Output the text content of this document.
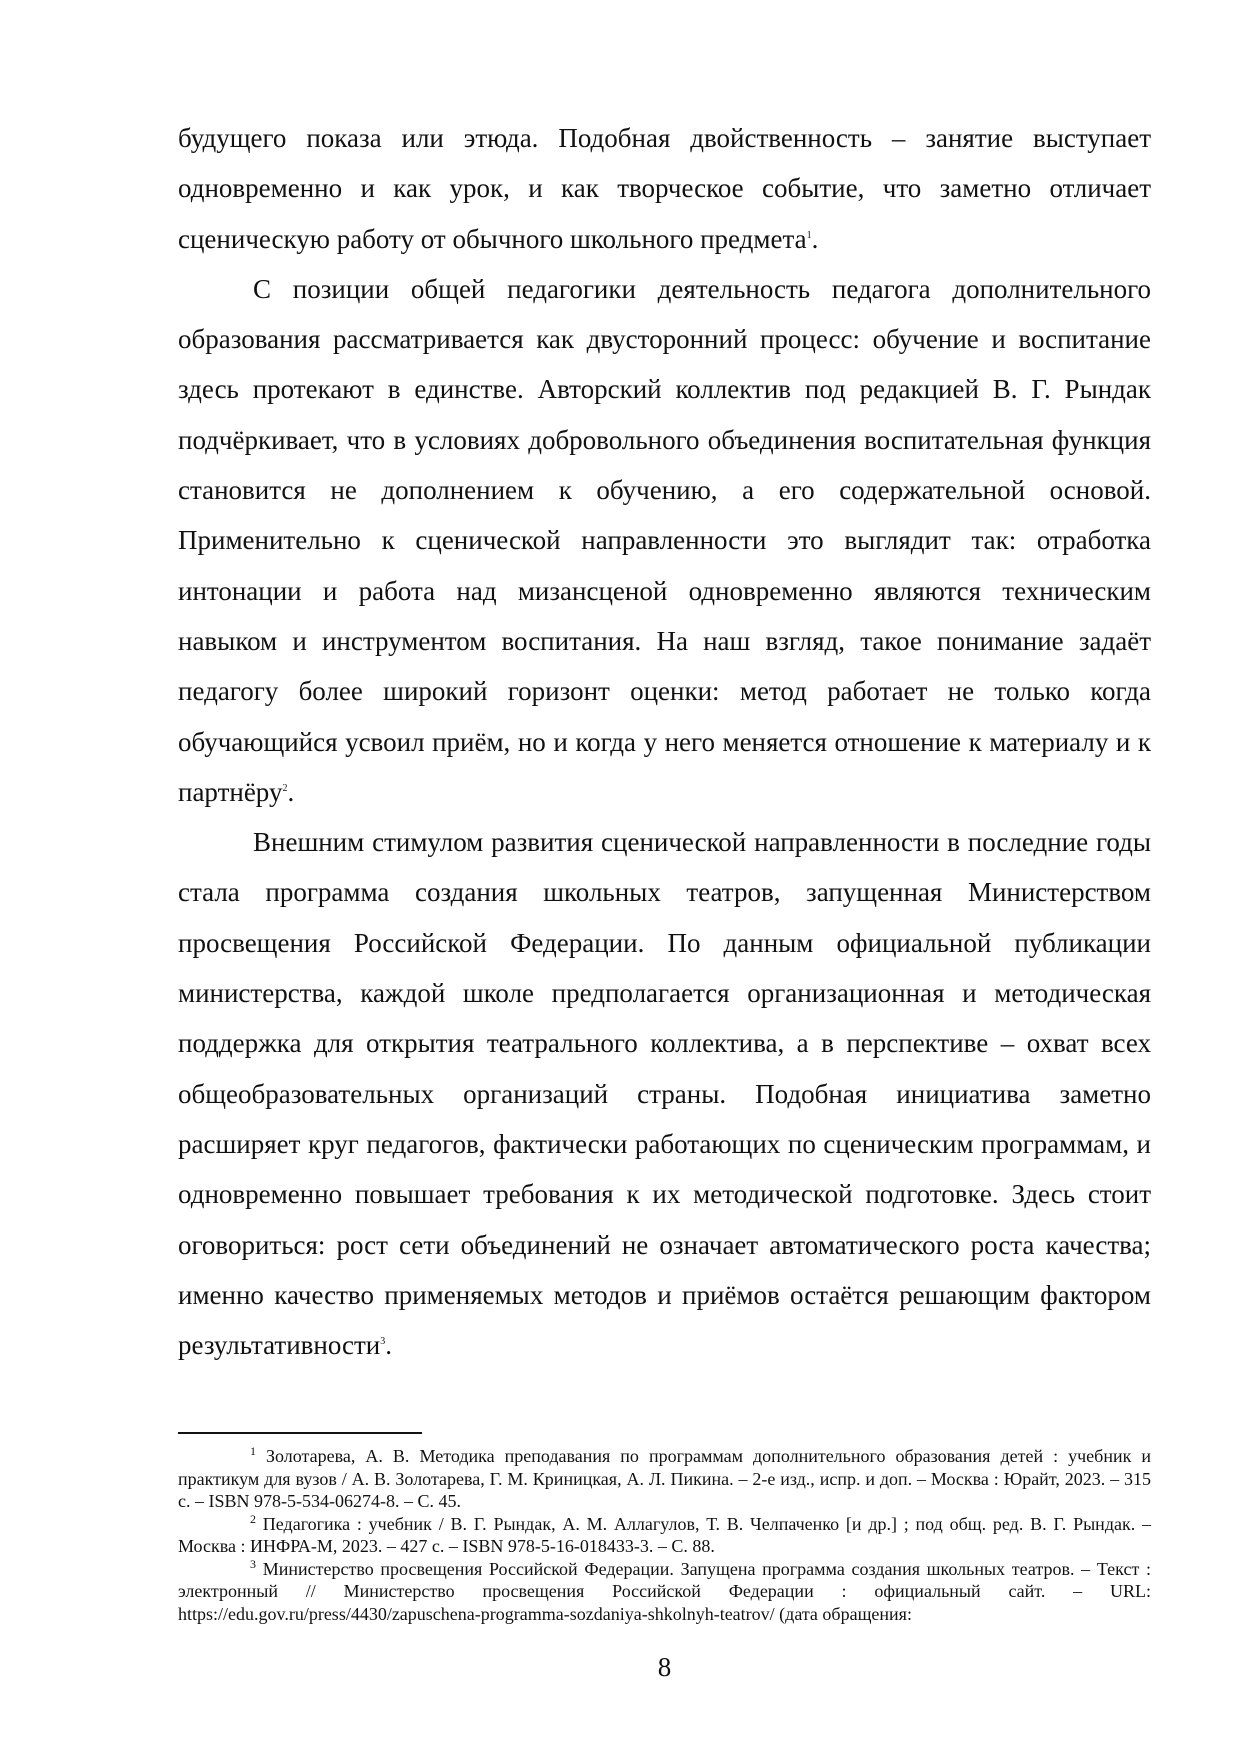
будущего показа или этюда. Подобная двойственность – занятие выступает одновременно и как урок, и как творческое событие, что заметно отличает сценическую работу от обычного школьного предмета$^1$.

С позиции общей педагогики деятельность педагога дополнительного образования рассматривается как двусторонний процесс: обучение и воспитание здесь протекают в единстве. Авторский коллектив под редакцией В. Г. Рындак подчёркивает, что в условиях добровольного объединения воспитательная функция становится не дополнением к обучению, а его содержательной основой. Применительно к сценической направленности это выглядит так: отработка интонации и работа над мизансценой одновременно являются техническим навыком и инструментом воспитания. На наш взгляд, такое понимание задаёт педагогу более широкий горизонт оценки: метод работает не только когда обучающийся усвоил приём, но и когда у него меняется отношение к материалу и к партнёру$^2$.

Внешним стимулом развития сценической направленности в последние годы стала программа создания школьных театров, запущенная Министерством просвещения Российской Федерации. По данным официальной публикации министерства, каждой школе предполагается организационная и методическая поддержка для открытия театрального коллектива, а в перспективе – охват всех общеобразовательных организаций страны. Подобная инициатива заметно расширяет круг педагогов, фактически работающих по сценическим программам, и одновременно повышает требования к их методической подготовке. Здесь стоит оговориться: рост сети объединений не означает автоматического роста качества; именно качество применяемых методов и приёмов остаётся решающим фактором результативности$^3$.

$^1$ Золотарева, А. В. Методика преподавания по программам дополнительного образования детей : учебник и практикум для вузов / А. В. Золотарева, Г. М. Криницкая, А. Л. Пикина. – 2-е изд., испр. и доп. – Москва : Юрайт, 2023. – 315 с. – ISBN 978-5-534-06274-8. – С. 45.

$^2$ Педагогика : учебник / В. Г. Рындак, А. М. Аллагулов, Т. В. Челпаченко [и др.] ; под общ. ред. В. Г. Рындак. – Москва : ИНФРА-М, 2023. – 427 с. – ISBN 978-5-16-018433-3. – С. 88.

$^3$ Министерство просвещения Российской Федерации. Запущена программа создания школьных театров. – Текст : электронный // Министерство просвещения Российской Федерации : официальный сайт. – URL: https://edu.gov.ru/press/4430/zapuschena-programma-sozdaniya-shkolnyh-teatrov/ (дата обращения:

8
